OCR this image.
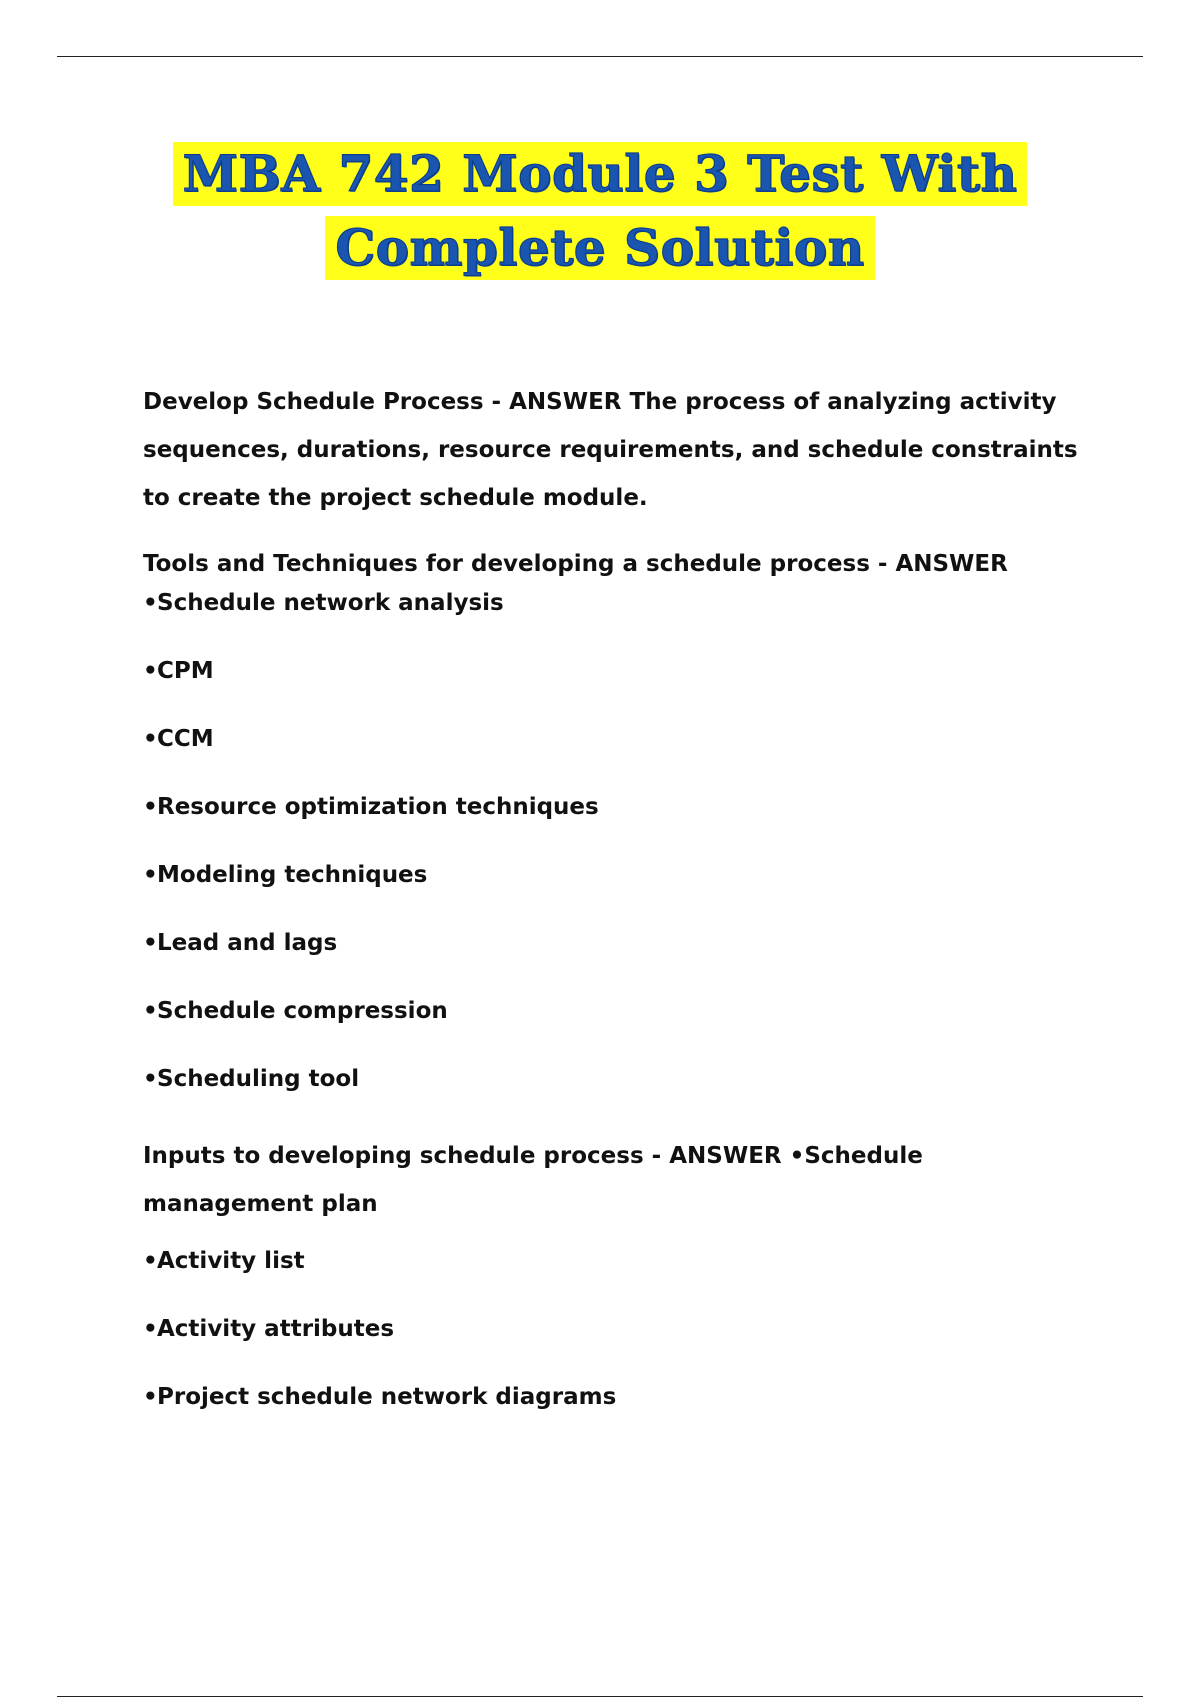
MBA 742 Module 3 Test With
Complete Solution

Develop Schedule Process - ANSWER The process of analyzing activity sequences, durations, resource requirements, and schedule constraints to create the project schedule module.

Tools and Techniques for developing a schedule process - ANSWER

•Schedule network analysis
•CPM
•CCM
•Resource optimization techniques
•Modeling techniques
•Lead and lags
•Schedule compression
•Scheduling tool

Inputs to developing schedule process - ANSWER •Schedule management plan

•Activity list
•Activity attributes
•Project schedule network diagrams
